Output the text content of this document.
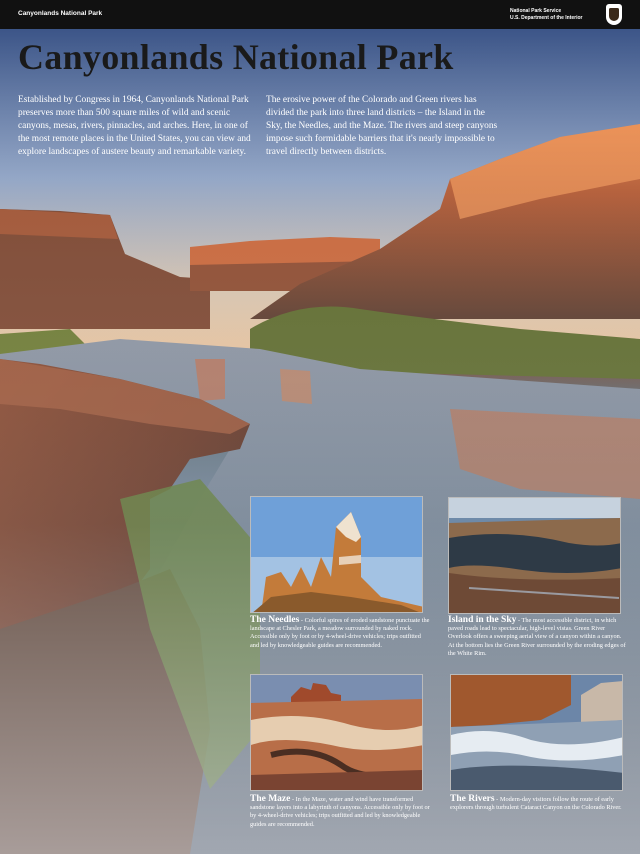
Canyonlands National Park	National Park Service
U.S. Department of the Interior
Canyonlands National Park

Established by Congress in 1964, Canyonlands National Park preserves more than 500 square miles of wild and scenic canyons, mesas, rivers, pinnacles, and arches. Here, in one of the most remote places in the United States, you can view and explore landscapes of austere beauty and remarkable variety.

The erosive power of the Colorado and Green rivers has divided the park into three land districts – the Island in the Sky, the Needles, and the Maze. The rivers and steep canyons impose such formidable barriers that it's nearly impossible to travel directly between districts.

The Needles - Colorful spires of eroded sandstone punctuate the landscape at Chesler Park, a meadow surrounded by naked rock. Accessible only by foot or by 4-wheel-drive vehicles; trips outfitted and led by knowledgeable guides are recommended.
Island in the Sky - The most accessible district, in which paved roads lead to spectacular, high-level vistas. Green River Overlook offers a sweeping aerial view of a canyon within a canyon. At the bottom lies the Green River surrounded by the eroding edges of the White Rim.
The Maze - In the Maze, water and wind have transformed sandstone layers into a labyrinth of canyons. Accessible only by foot or by 4-wheel-drive vehicles; trips outfitted and led by knowledgeable guides are recommended.
The Rivers - Modern-day visitors follow the route of early explorers through turbulent Cataract Canyon on the Colorado River.
